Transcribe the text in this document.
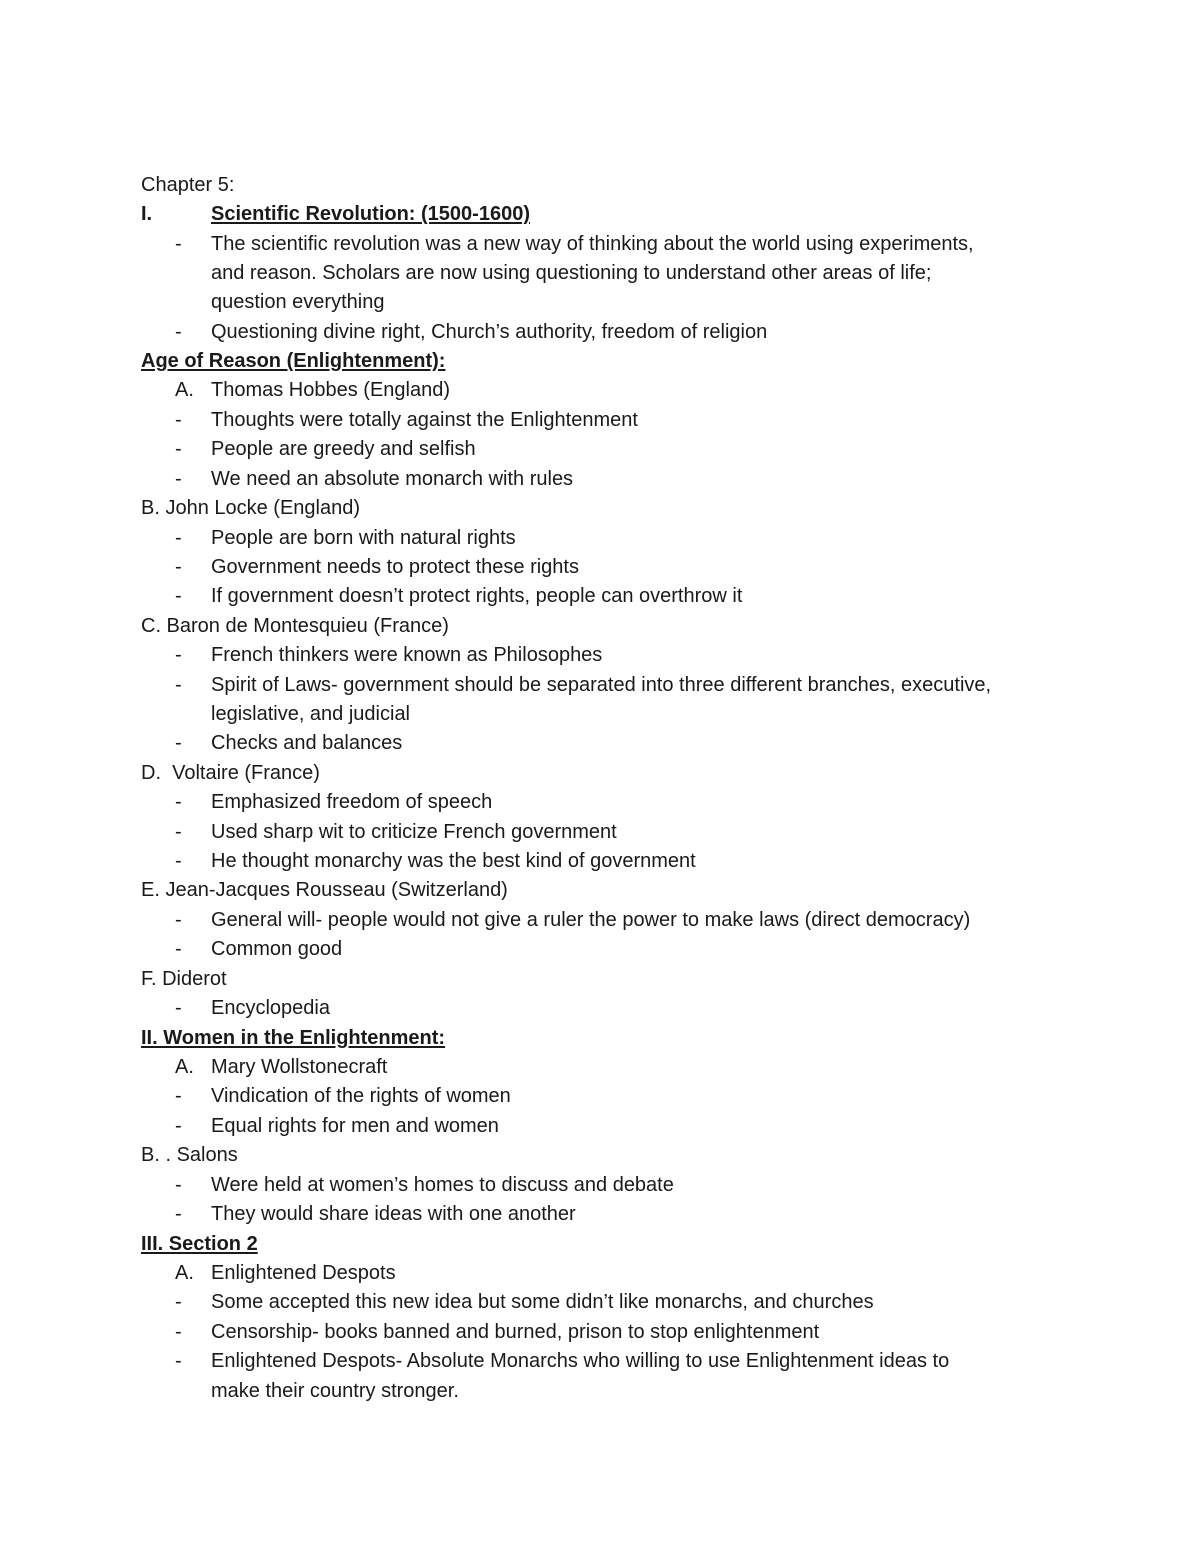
Chapter 5:
I.	Scientific Revolution: (1500-1600)
- The scientific revolution was a new way of thinking about the world using experiments,
and reason. Scholars are now using questioning to understand other areas of life;
question everything
- Questioning divine right, Church’s authority, freedom of religion
Age of Reason (Enlightenment):
A. Thomas Hobbes (England)
- Thoughts were totally against the Enlightenment
- People are greedy and selfish
- We need an absolute monarch with rules
B. John Locke (England)
- People are born with natural rights
- Government needs to protect these rights
- If government doesn’t protect rights, people can overthrow it
C. Baron de Montesquieu (France)
- French thinkers were known as Philosophes
- Spirit of Laws- government should be separated into three different branches, executive,
legislative, and judicial
- Checks and balances
D.  Voltaire (France)
- Emphasized freedom of speech
- Used sharp wit to criticize French government
- He thought monarchy was the best kind of government
E. Jean-Jacques Rousseau (Switzerland)
- General will- people would not give a ruler the power to make laws (direct democracy)
- Common good
F. Diderot
- Encyclopedia
II. Women in the Enlightenment:
A. Mary Wollstonecraft
- Vindication of the rights of women
- Equal rights for men and women
B. . Salons
- Were held at women’s homes to discuss and debate
- They would share ideas with one another
III. Section 2
A. Enlightened Despots
- Some accepted this new idea but some didn’t like monarchs, and churches
- Censorship- books banned and burned, prison to stop enlightenment
- Enlightened Despots- Absolute Monarchs who willing to use Enlightenment ideas to
make their country stronger.
